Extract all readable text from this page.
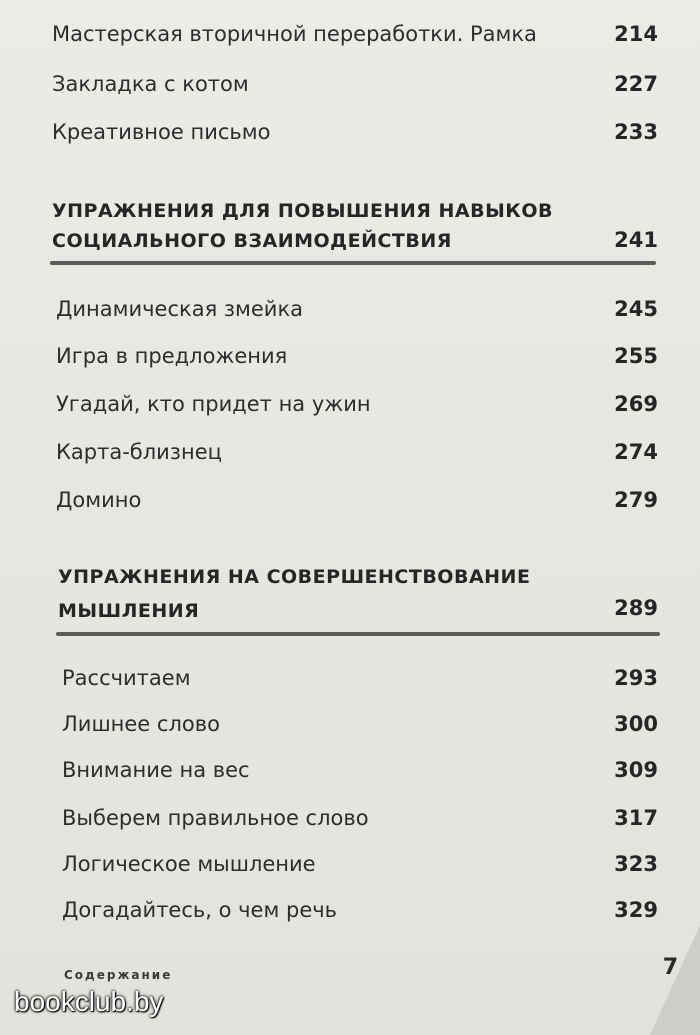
Мастерская вторичной переработки. Рамка	214
Закладка с котом	227
Креативное письмо	233
УПРАЖНЕНИЯ ДЛЯ ПОВЫШЕНИЯ НАВЫКОВ
СОЦИАЛЬНОГО ВЗАИМОДЕЙСТВИЯ	241
Динамическая змейка	245
Игра в предложения	255
Угадай, кто придет на ужин	269
Карта-близнец	274
Домино	279
УПРАЖНЕНИЯ НА СОВЕРШЕНСТВОВАНИЕ
МЫШЛЕНИЯ	289
Рассчитаем	293
Лишнее слово	300
Внимание на вес	309
Выберем правильное слово	317
Логическое мышление	323
Догадайтесь, о чем речь	329
Содержание	7
bookclub.by
